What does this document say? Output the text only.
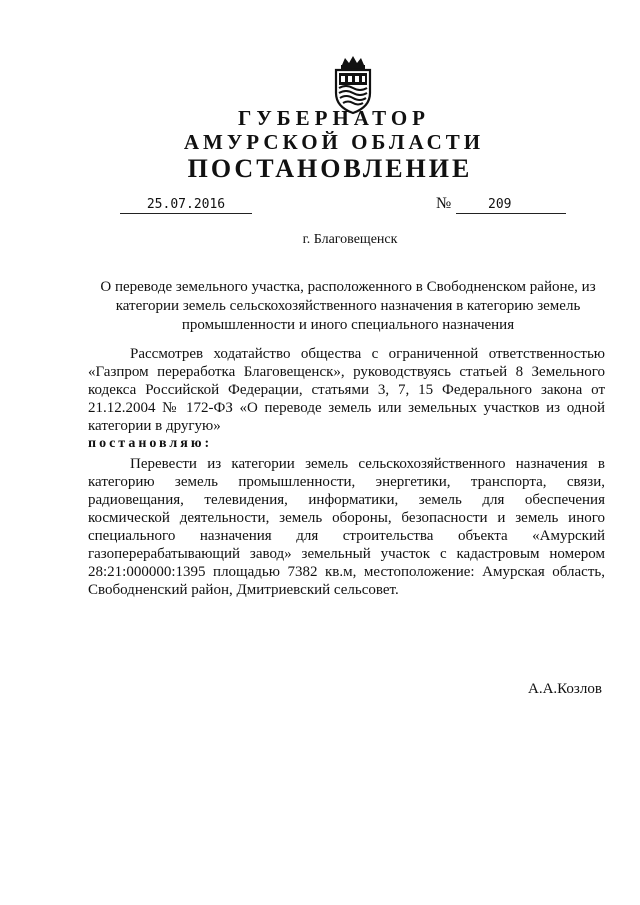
ГУБЕРНАТОР
АМУРСКОЙ ОБЛАСТИ
ПОСТАНОВЛЕНИЕ
25.07.2016	№	209
г. Благовещенск
О переводе земельного участка, расположенного в Свободненском районе, из категории земель сельскохозяйственного назначения в категорию земель промышленности и иного специального назначения
Рассмотрев ходатайство общества с ограниченной ответственностью «Газпром переработка Благовещенск», руководствуясь статьей 8 Земельного кодекса Российской Федерации, статьями 3, 7, 15 Федерального закона от 21.12.2004 № 172-ФЗ «О переводе земель или земельных участков из одной категории в другую»
постановляю:
Перевести из категории земель сельскохозяйственного назначения в категорию земель промышленности, энергетики, транспорта, связи, радиовещания, телевидения, информатики, земель для обеспечения космической деятельности, земель обороны, безопасности и земель иного специального назначения для строительства объекта «Амурский газоперерабатывающий завод» земельный участок с кадастровым номером 28:21:000000:1395 площадью 7382 кв.м, местоположение: Амурская область, Свободненский район, Дмитриевский сельсовет.
А.А.Козлов
